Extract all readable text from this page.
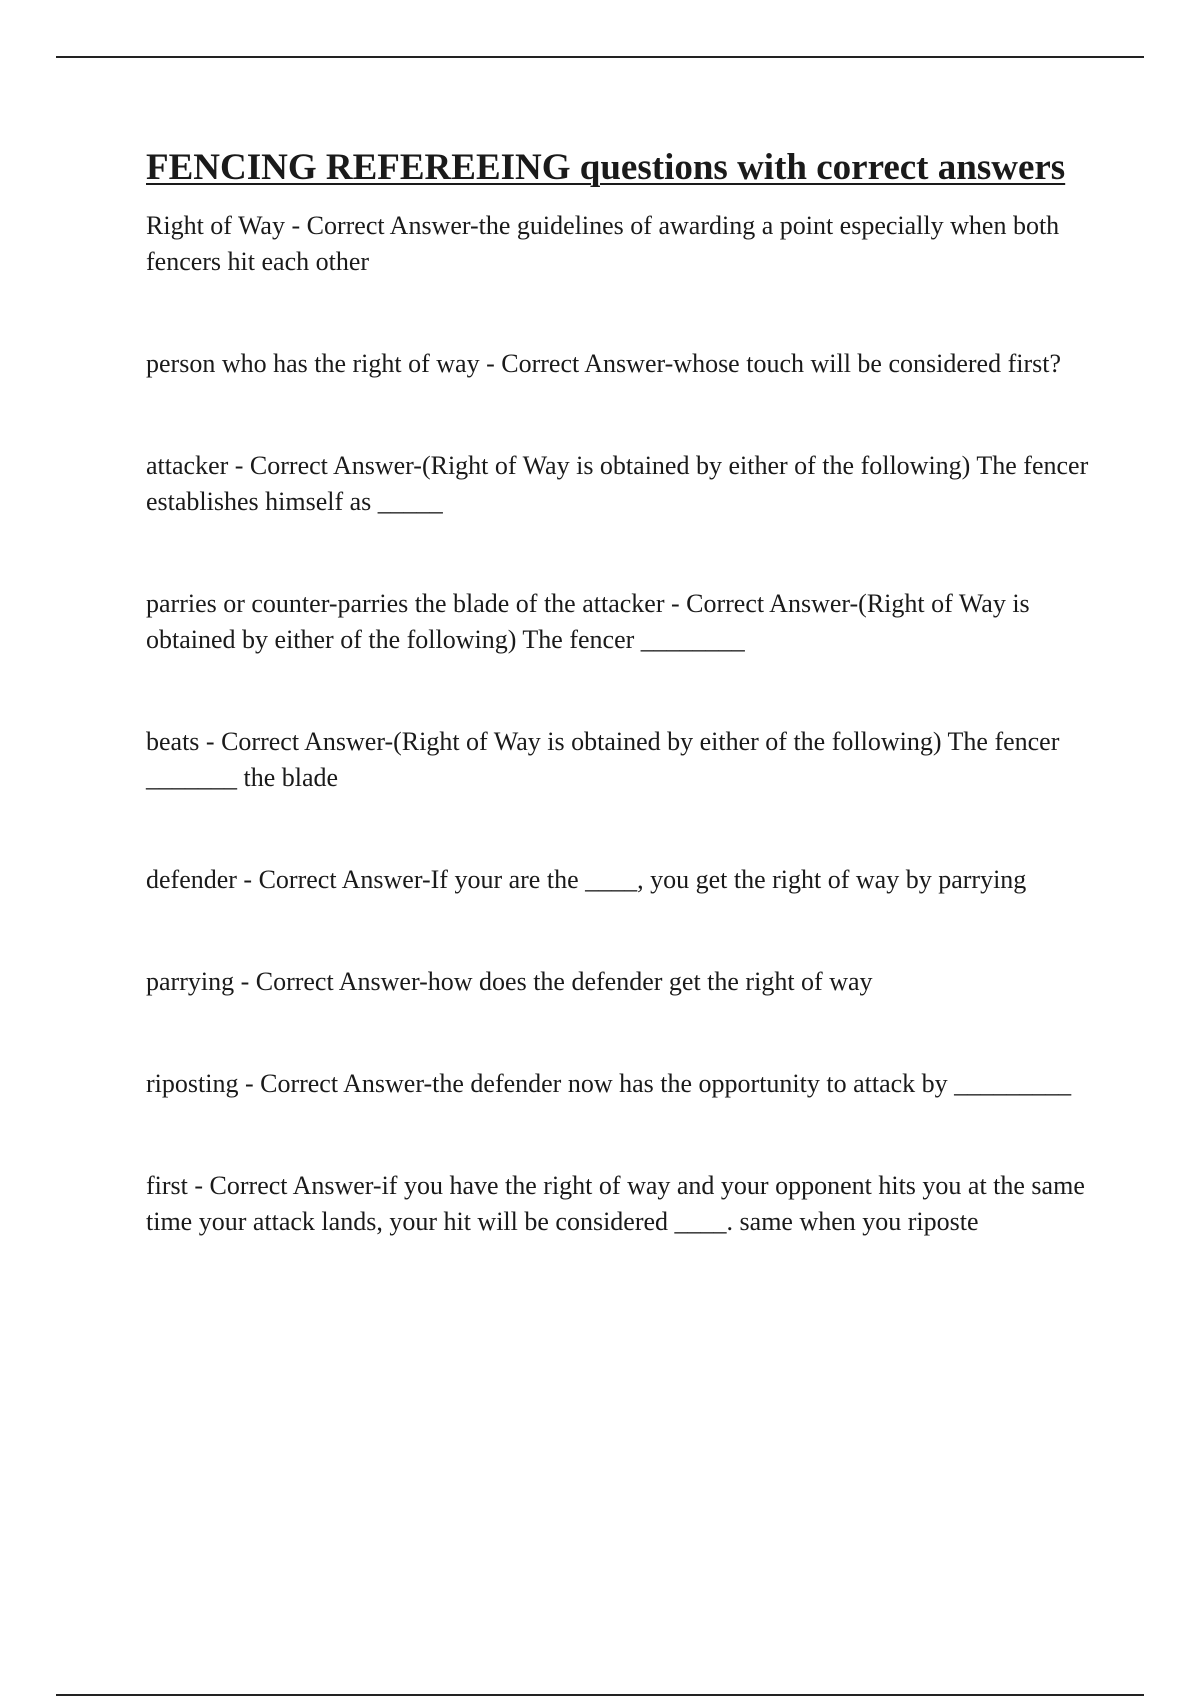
FENCING REFEREEING questions with correct answers
Right of Way - Correct Answer-the guidelines of awarding a point especially when both fencers hit each other
person who has the right of way - Correct Answer-whose touch will be considered first?
attacker - Correct Answer-(Right of Way is obtained by either of the following) The fencer establishes himself as _____
parries or counter-parries the blade of the attacker - Correct Answer-(Right of Way is obtained by either of the following) The fencer ________
beats - Correct Answer-(Right of Way is obtained by either of the following) The fencer _______ the blade
defender - Correct Answer-If your are the ____, you get the right of way by parrying
parrying - Correct Answer-how does the defender get the right of way
riposting - Correct Answer-the defender now has the opportunity to attack by _________
first - Correct Answer-if you have the right of way and your opponent hits you at the same time your attack lands, your hit will be considered ____. same when you riposte
